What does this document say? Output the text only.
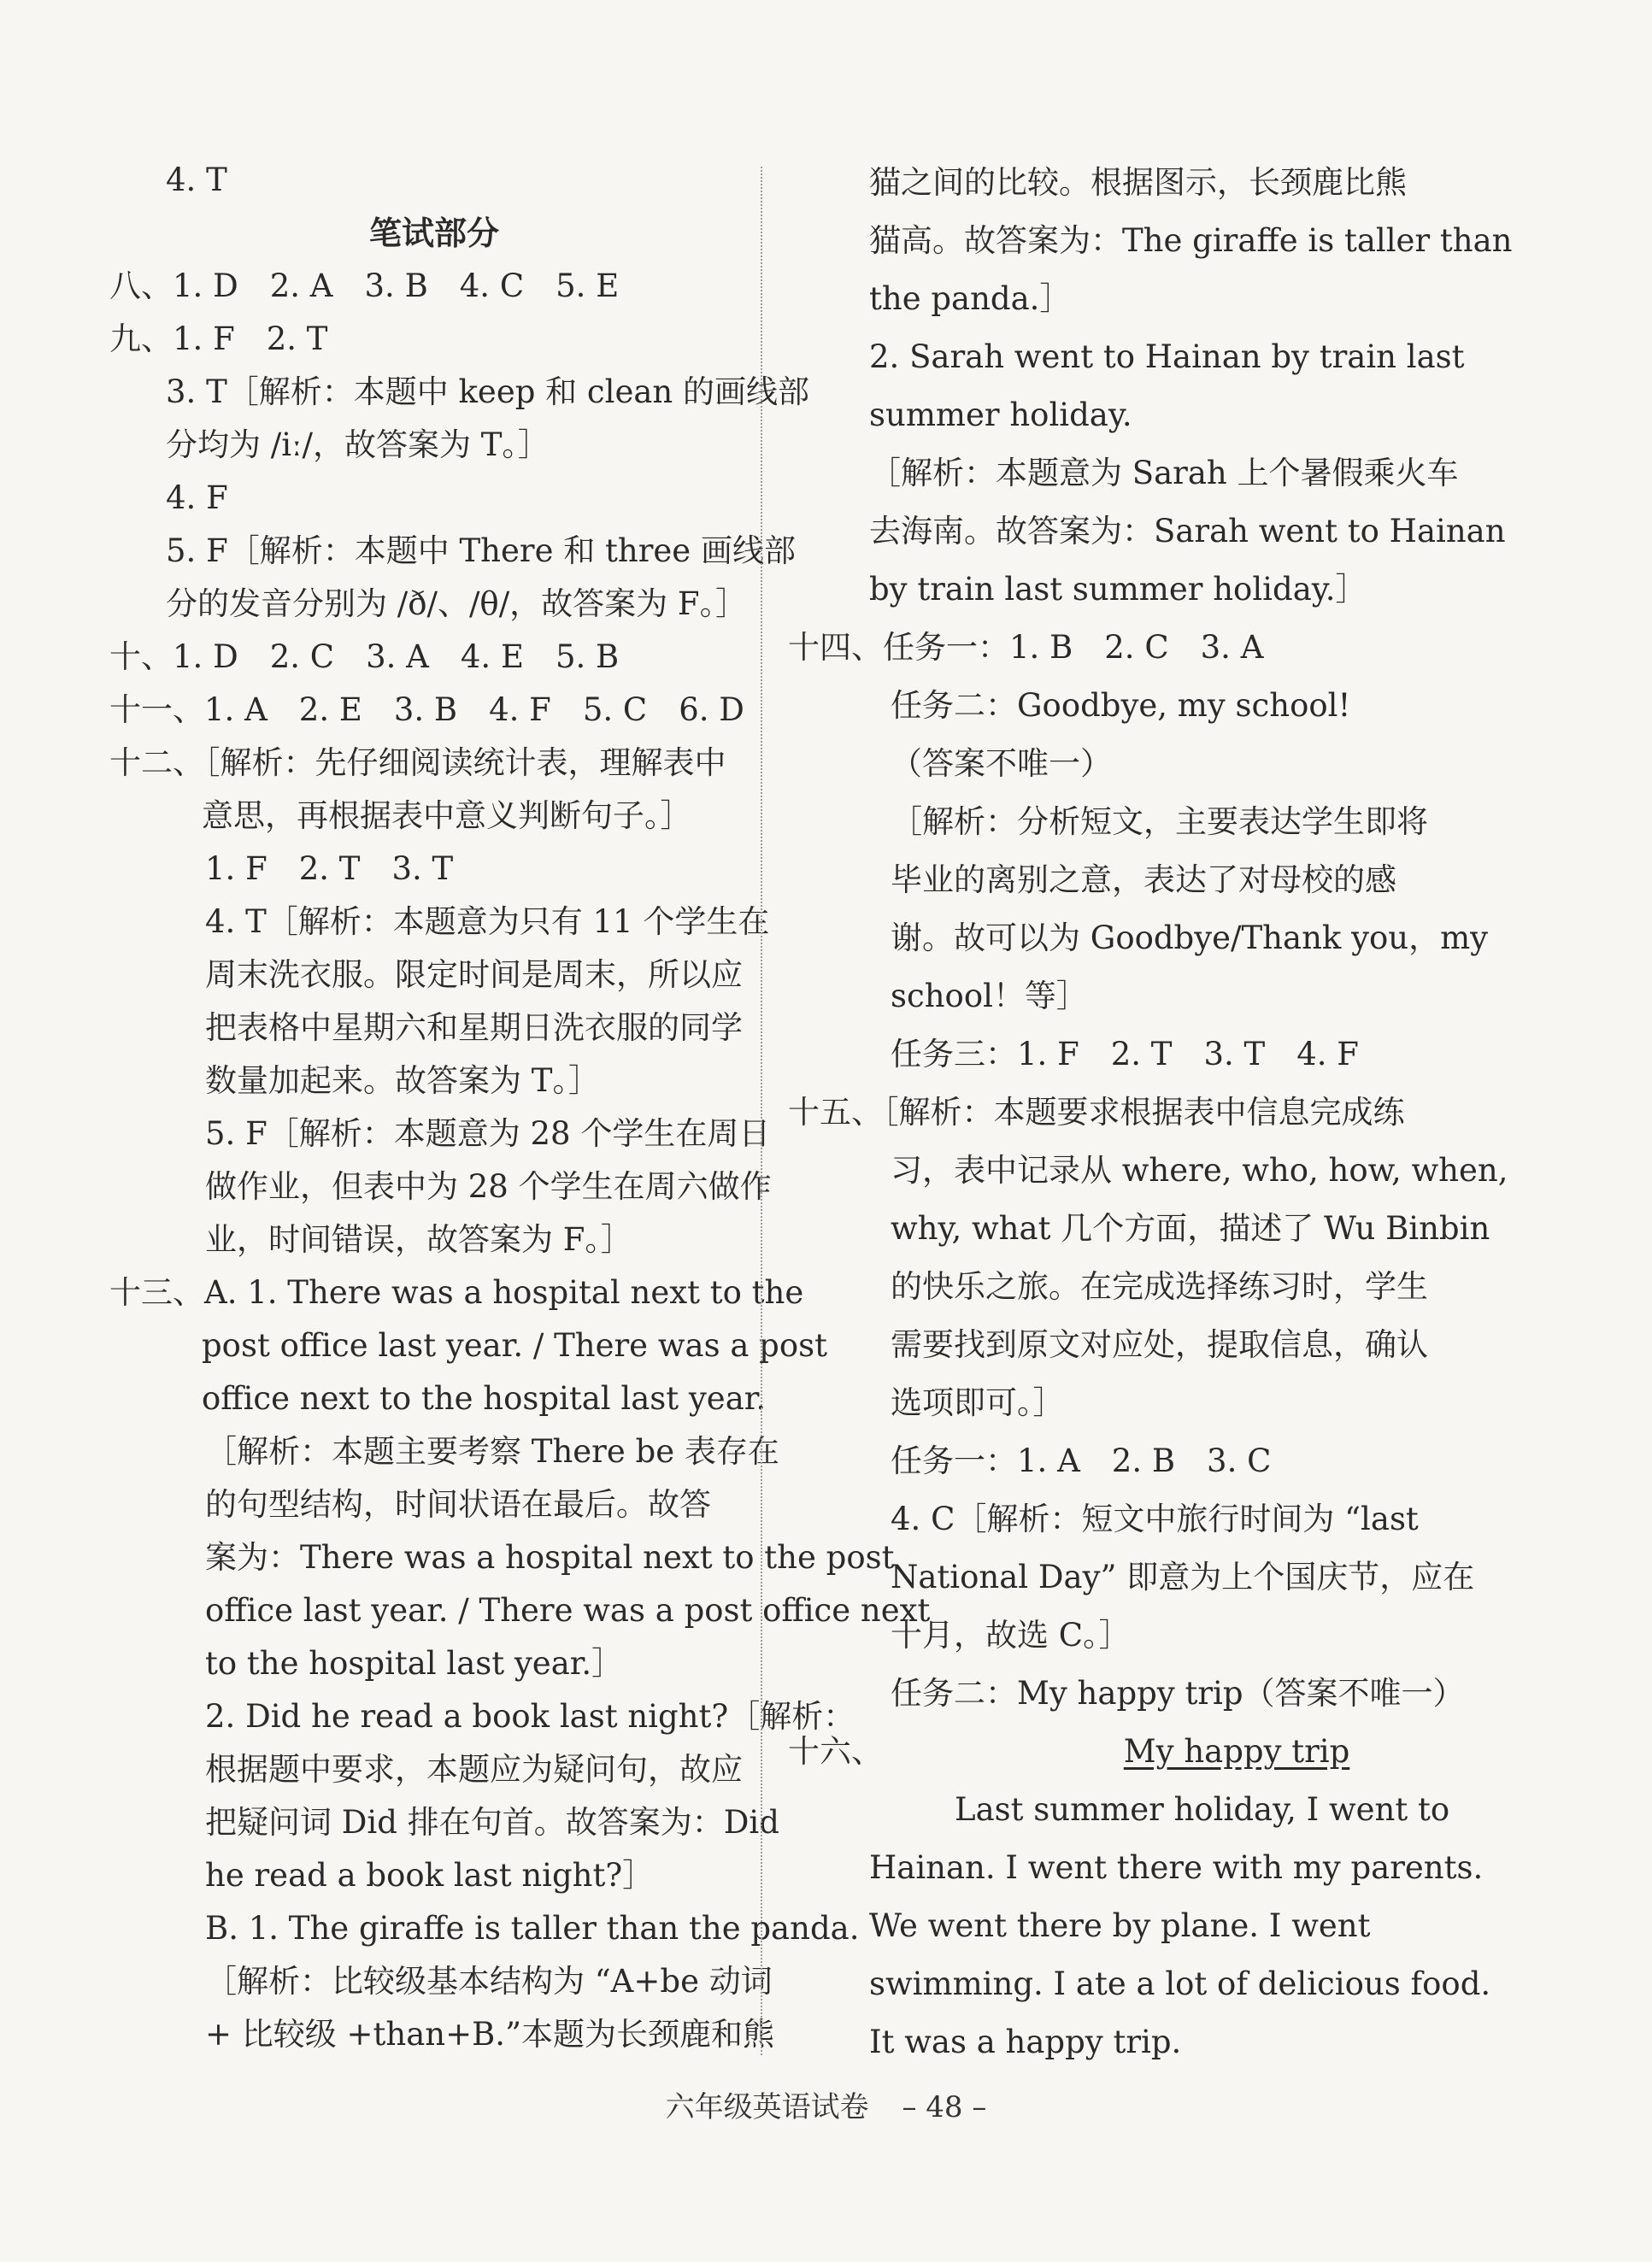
4. T
笔试部分
八、1. D　2. A　3. B　4. C　5. E
九、1. F　2. T
3. T［解析：本题中 keep 和 clean 的画线部
分均为 /iː/，故答案为 T。］
4. F
5. F［解析：本题中 There 和 three 画线部
分的发音分别为 /ð/、/θ/，故答案为 F。］
十、1. D　2. C　3. A　4. E　5. B
十一、1. A　2. E　3. B　4. F　5. C　6. D
十二、［解析：先仔细阅读统计表，理解表中
意思，再根据表中意义判断句子。］
1. F　2. T　3. T
4. T［解析：本题意为只有 11 个学生在
周末洗衣服。限定时间是周末，所以应
把表格中星期六和星期日洗衣服的同学
数量加起来。故答案为 T。］
5. F［解析：本题意为 28 个学生在周日
做作业，但表中为 28 个学生在周六做作
业，时间错误，故答案为 F。］
十三、A. 1. There was a hospital next to the
post office last year. / There was a post
office next to the hospital last year.
［解析：本题主要考察 There be 表存在
的句型结构，时间状语在最后。故答
案为：There was a hospital next to the post
office last year. / There was a post office next
to the hospital last year.］
2. Did he read a book last night?［解析：
根据题中要求，本题应为疑问句，故应
把疑问词 Did 排在句首。故答案为：Did
he read a book last night?］
B. 1. The giraffe is taller than the panda.
［解析：比较级基本结构为 “A+be 动词
+ 比较级 +than+B.”本题为长颈鹿和熊
猫之间的比较。根据图示，长颈鹿比熊
猫高。故答案为：The giraffe is taller than
the panda.］
2. Sarah went to Hainan by train last
summer holiday.
［解析：本题意为 Sarah 上个暑假乘火车
去海南。故答案为：Sarah went to Hainan
by train last summer holiday.］
十四、任务一：1. B　2. C　3. A
任务二：Goodbye, my school!
（答案不唯一）
［解析：分析短文，主要表达学生即将
毕业的离别之意，表达了对母校的感
谢。故可以为 Goodbye/Thank you，my
school！等］
任务三：1. F　2. T　3. T　4. F
十五、［解析：本题要求根据表中信息完成练
习，表中记录从 where, who, how, when,
why, what 几个方面，描述了 Wu Binbin
的快乐之旅。在完成选择练习时，学生
需要找到原文对应处，提取信息，确认
选项即可。］
任务一：1. A　2. B　3. C
4. C［解析：短文中旅行时间为 “last
National Day” 即意为上个国庆节，应在
十月，故选 C。］
任务二：My happy trip（答案不唯一）
十六、	My happy trip
Last summer holiday, I went to
Hainan. I went there with my parents.
We went there by plane. I went
swimming. I ate a lot of delicious food.
It was a happy trip.
六年级英语试卷 – 48 –
